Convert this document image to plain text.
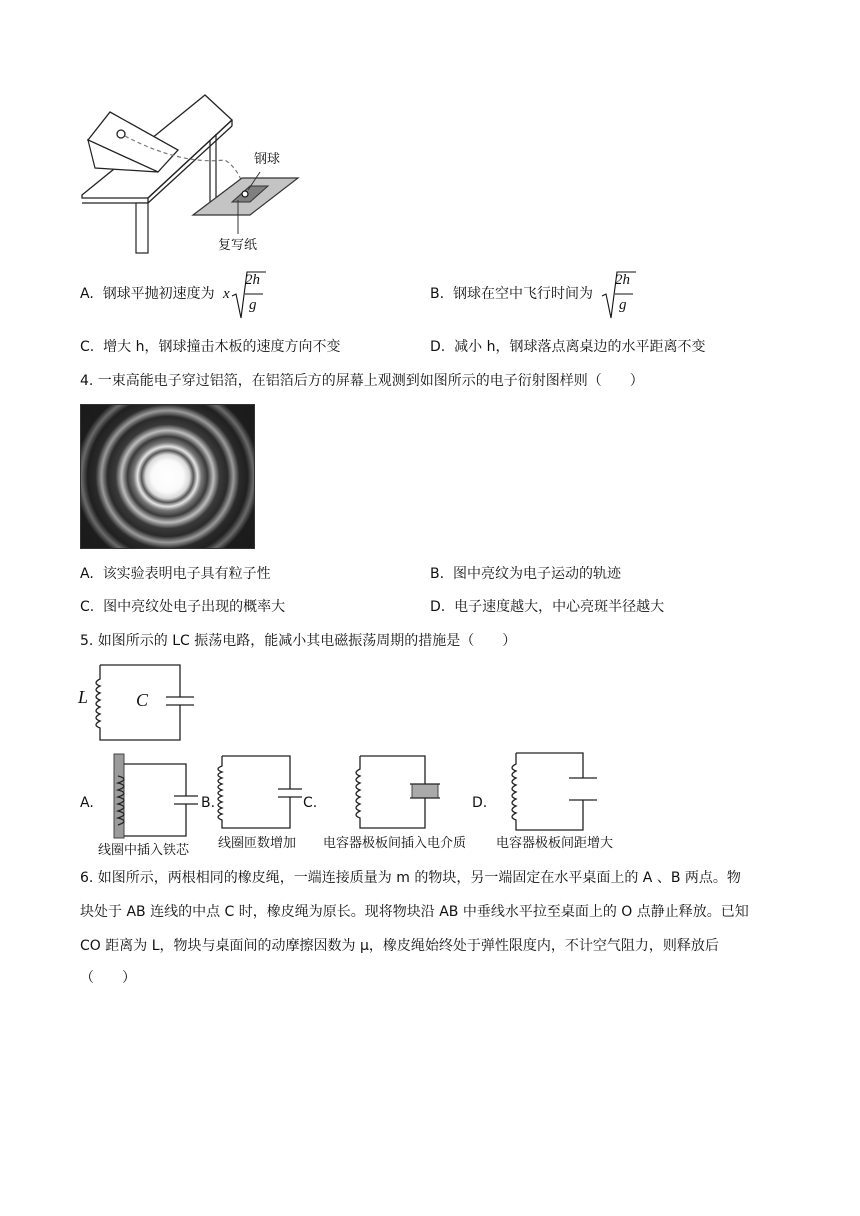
钢球
复写纸
A. 钢球平抛初速度为 x
2h
g
B. 钢球在空中飞行时间为
2h
g
C. 增大 h，钢球撞击木板的速度方向不变	D. 减小 h，钢球落点离桌边的水平距离不变
4. 一束高能电子穿过铝箔，在铝箔后方的屏幕上观测到如图所示的电子衍射图样则（　　）
A. 该实验表明电子具有粒子性	B. 图中亮纹为电子运动的轨迹
C. 图中亮纹处电子出现的概率大	D. 电子速度越大，中心亮斑半径越大
5. 如图所示的 LC 振荡电路，能减小其电磁振荡周期的措施是（　　）
L	C
A.
线圈中插入铁芯
B.
线圈匝数增加
C.
电容器极板间插入电介质
D.
电容器极板间距增大
6. 如图所示，两根相同的橡皮绳，一端连接质量为 m 的物块，另一端固定在水平桌面上的 A 、B 两点。物
块处于 AB 连线的中点 C 时，橡皮绳为原长。现将物块沿 AB 中垂线水平拉至桌面上的 O 点静止释放。已知
CO 距离为 L，物块与桌面间的动摩擦因数为 μ，橡皮绳始终处于弹性限度内，不计空气阻力，则释放后
（　　）
